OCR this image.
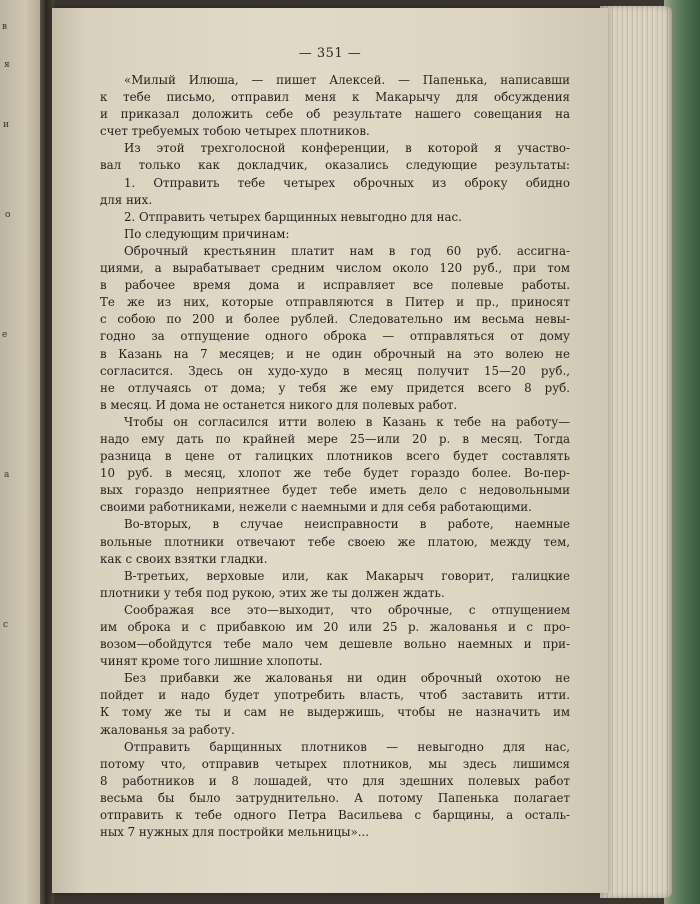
в
я
и
о
е
а
с
— 351 —
«Милый Илюша, — пишет Алексей. — Папенька, написавши
к тебе письмо, отправил меня к Макарычу для обсуждения
и приказал доложить себе об результате нашего совещания на
счет требуемых тобою четырех плотников.
Из этой трехголосной конференции, в которой я участво-
вал только как докладчик, оказались следующие результаты:
1. Отправить тебе четырех оброчных из оброку обидно
для них.
2. Отправить четырех барщинных невыгодно для нас.
По следующим причинам:
Оброчный крестьянин платит нам в год 60 руб. ассигна-
циями, а вырабатывает средним числом около 120 руб., при том
в рабочее время дома и исправляет все полевые работы.
Те же из них, которые отправляются в Питер и пр., приносят
с собою по 200 и более рублей. Следовательно им весьма невы-
годно за отпущение одного оброка — отправляться от дому
в Казань на 7 месяцев; и не один оброчный на это волею не
согласится. Здесь он худо-худо в месяц получит 15—20 руб.,
не отлучаясь от дома; у тебя же ему придется всего 8 руб.
в месяц. И дома не останется никого для полевых работ.
Чтобы он согласился итти волею в Казань к тебе на работу—
надо ему дать по крайней мере 25—или 20 р. в месяц. Тогда
разница в цене от галицких плотников всего будет составлять
10 руб. в месяц, хлопот же тебе будет гораздо более. Во-пер-
вых гораздо неприятнее будет тебе иметь дело с недовольными
своими работниками, нежели с наемными и для себя работающими.
Во-вторых, в случае неисправности в работе, наемные
вольные плотники отвечают тебе своею же платою, между тем,
как с своих взятки гладки.
В-третьих, верховые или, как Макарыч говорит, галицкие
плотники у тебя под рукою, этих же ты должен ждать.
Соображая все это—выходит, что оброчные, с отпущением
им оброка и с прибавкою им 20 или 25 р. жалованья и с про-
возом—обойдутся тебе мало чем дешевле вольно наемных и при-
чинят кроме того лишние хлопоты.
Без прибавки же жалованья ни один оброчный охотою не
пойдет и надо будет употребить власть, чтоб заставить итти.
К тому же ты и сам не выдержишь, чтобы не назначить им
жалованья за работу.
Отправить барщинных плотников — невыгодно для нас,
потому что, отправив четырех плотников, мы здесь лишимся
8 работников и 8 лошадей, что для здешних полевых работ
весьма бы было затруднительно. А потому Папенька полагает
отправить к тебе одного Петра Васильева с барщины, а осталь-
ных 7 нужных для постройки мельницы»...
